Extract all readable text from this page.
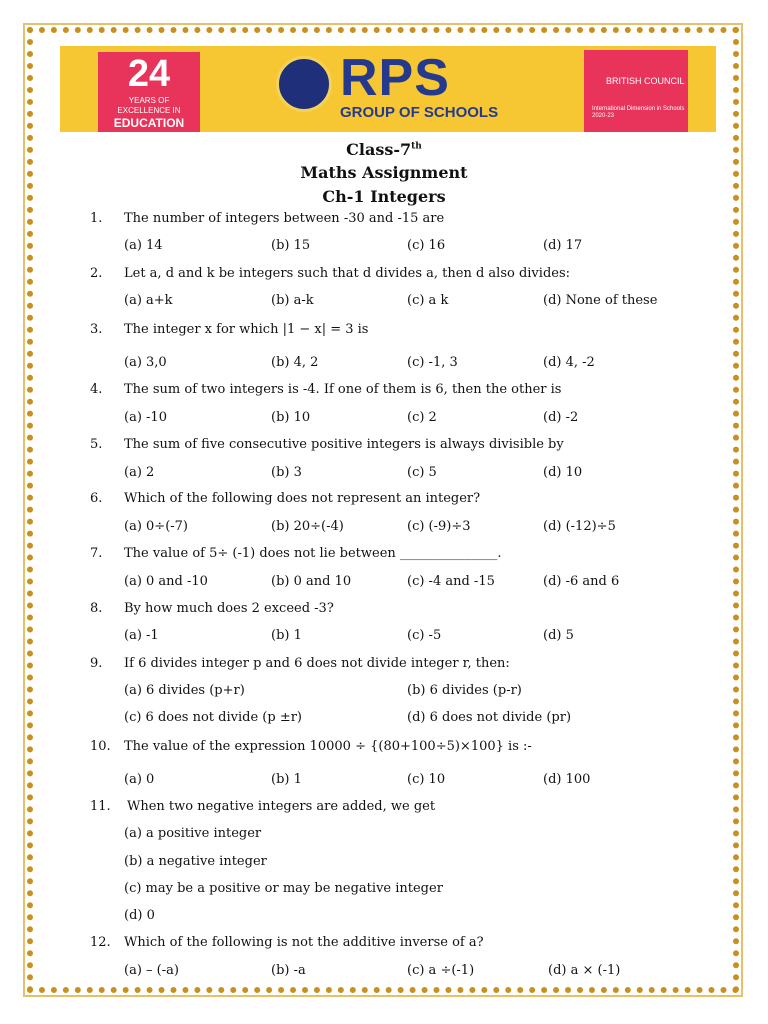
24
YEARS OF
EXCELLENCE IN
EDUCATION
RPS
GROUP OF SCHOOLS
BRITISH COUNCIL
International Dimension in Schools 2020-23
Class-7th
Maths Assignment
Ch-1 Integers
1. The number of integers between -30 and -15 are
(a) 14	(b) 15	(c) 16	(d) 17
2. Let a, d and k be integers such that d divides a, then d also divides:
(a) a+k	(b) a-k	(c) a k	(d) None of these
3. The integer x for which |1 − x| = 3 is
(a) 3,0	(b) 4, 2	(c) -1, 3	(d) 4, -2
4. The sum of two integers is -4. If one of them is 6, then the other is
(a) -10	(b) 10	(c) 2	(d) -2
5. The sum of five consecutive positive integers is always divisible by
(a) 2	(b) 3	(c) 5	(d) 10
6. Which of the following does not represent an integer?
(a) 0÷(-7)	(b) 20÷(-4)	(c) (-9)÷3	(d) (-12)÷5
7. The value of 5÷ (-1) does not lie between _______________.
(a) 0 and -10	(b) 0 and 10	(c) -4 and -15	(d) -6 and 6
8. By how much does 2 exceed -3?
(a) -1	(b) 1	(c) -5	(d) 5
9. If 6 divides integer p and 6 does not divide integer r, then:
(a) 6 divides (p+r)	(b) 6 divides (p-r)
(c) 6 does not divide (p ±r)	(d) 6 does not divide (pr)
10. The value of the expression 10000 ÷ {(80+100÷5)×100} is :-
(a) 0	(b) 1	(c) 10	(d) 100
11. When two negative integers are added, we get
(a) a positive integer
(b) a negative integer
(c) may be a positive or may be negative integer
(d) 0
12. Which of the following is not the additive inverse of a?
(a) – (-a)	(b) -a	(c) a ÷(-1)	(d) a × (-1)
